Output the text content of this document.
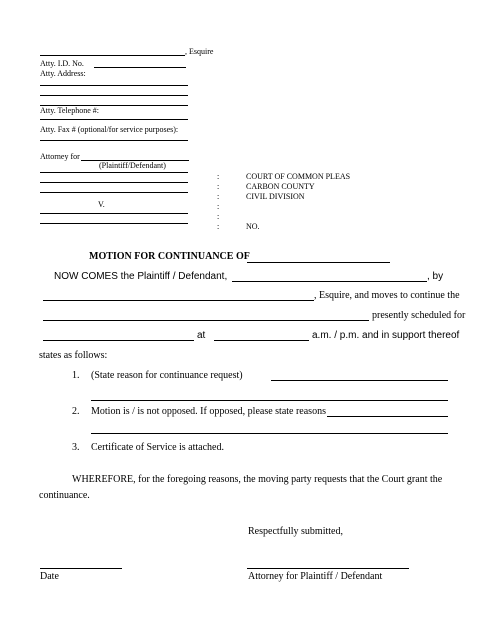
, Esquire
Atty. I.D. No.
Atty. Address:
Atty. Telephone #:
Atty. Fax # (optional/for service purposes):
Attorney for
(Plaintiff/Defendant)
V.
:
:
:
:
:
:
COURT OF COMMON PLEAS
CARBON COUNTY
CIVIL DIVISION
NO.
MOTION FOR CONTINUANCE OF
NOW COMES the Plaintiff / Defendant,	, by
, Esquire, and moves to continue the
presently scheduled for
at	a.m. / p.m. and in support thereof
states as follows:
1. (State reason for continuance request)
2. Motion is / is not opposed. If opposed, please state reasons
3. Certificate of Service is attached.
WHEREFORE, for the foregoing reasons, the moving party requests that the Court grant the
continuance.
Respectfully submitted,
Date	Attorney for Plaintiff / Defendant
